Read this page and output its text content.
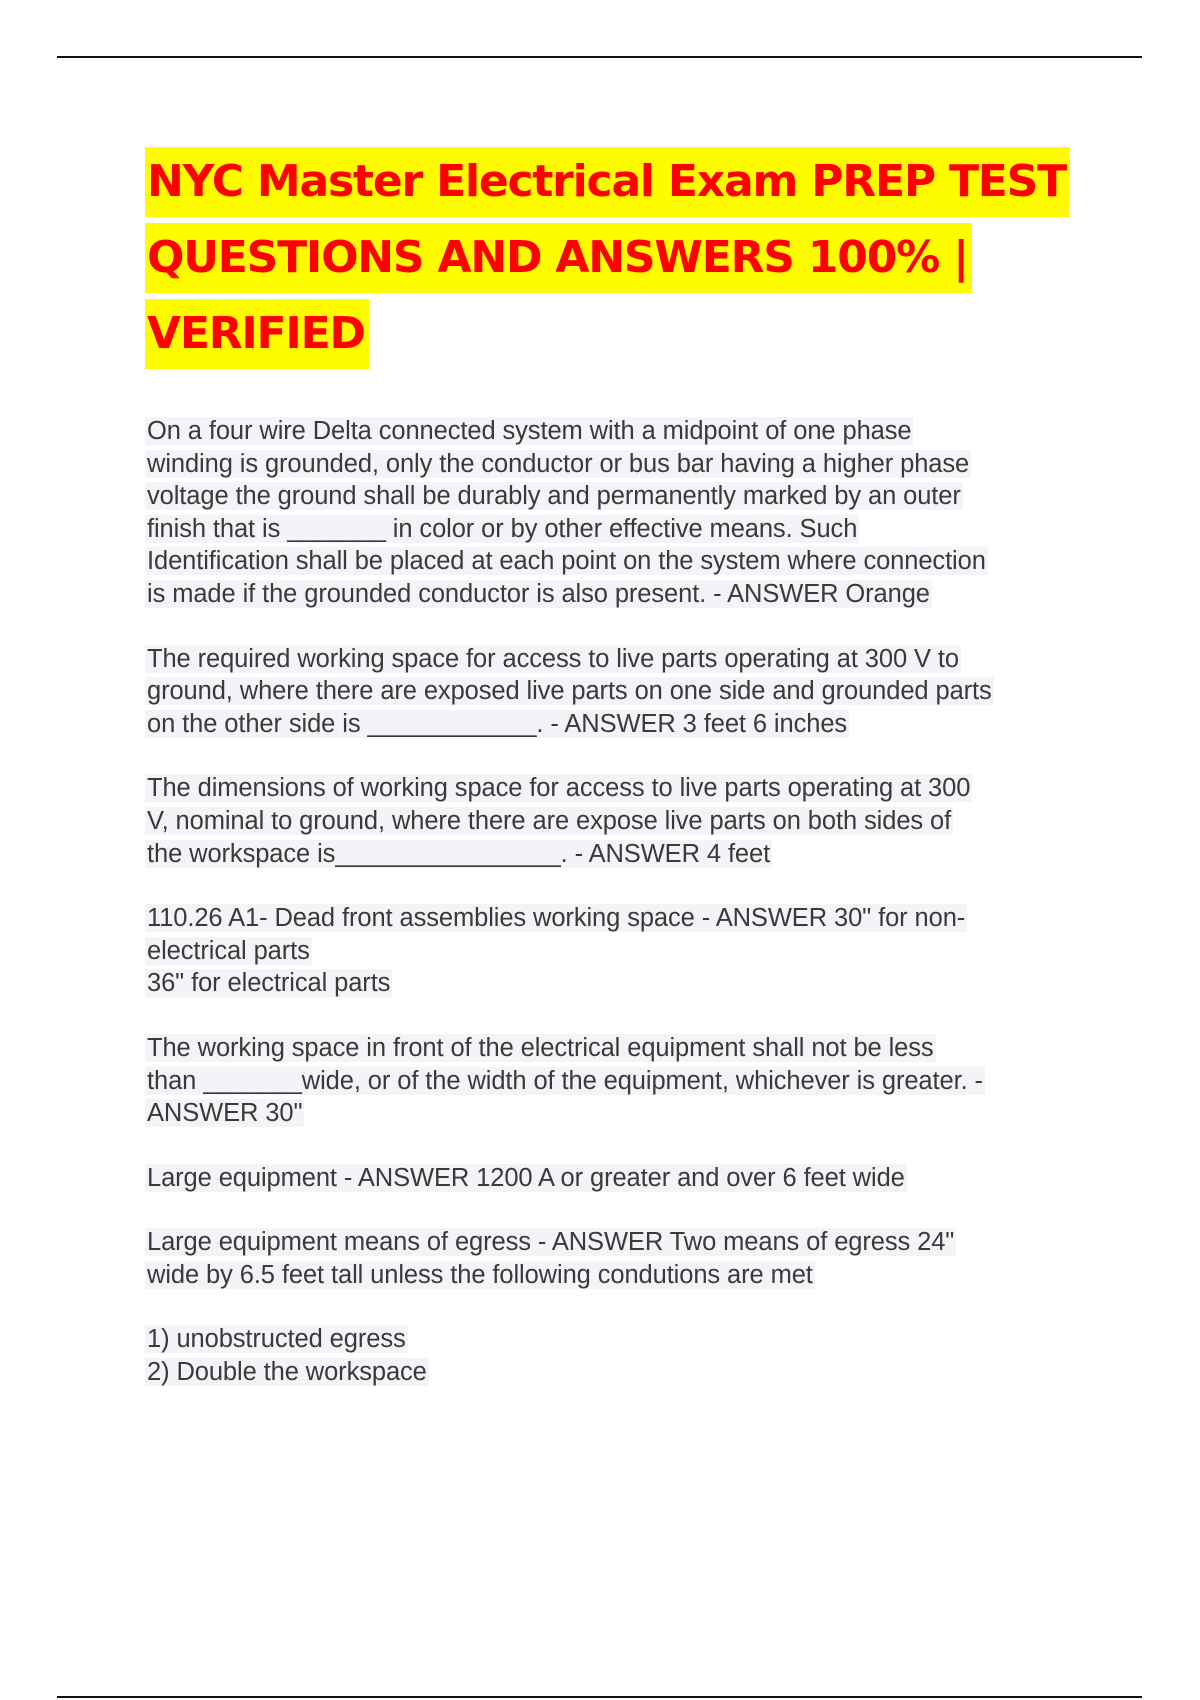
NYC Master Electrical Exam PREP TEST
QUESTIONS AND ANSWERS 100% |
VERIFIED
On a four wire Delta connected system with a midpoint of one phase
winding is grounded, only the conductor or bus bar having a higher phase
voltage the ground shall be durably and permanently marked by an outer
finish that is _______ in color or by other effective means. Such
Identification shall be placed at each point on the system where connection
is made if the grounded conductor is also present. - ANSWER Orange
The required working space for access to live parts operating at 300 V to
ground, where there are exposed live parts on one side and grounded parts
on the other side is ____________. - ANSWER 3 feet 6 inches
The dimensions of working space for access to live parts operating at 300
V, nominal to ground, where there are expose live parts on both sides of
the workspace is________________. - ANSWER 4 feet
110.26 A1- Dead front assemblies working space - ANSWER 30" for non-
electrical parts
36" for electrical parts
The working space in front of the electrical equipment shall not be less
than _______wide, or of the width of the equipment, whichever is greater. -
ANSWER 30"
Large equipment - ANSWER 1200 A or greater and over 6 feet wide
Large equipment means of egress - ANSWER Two means of egress 24"
wide by 6.5 feet tall unless the following condutions are met
1) unobstructed egress
2) Double the workspace
